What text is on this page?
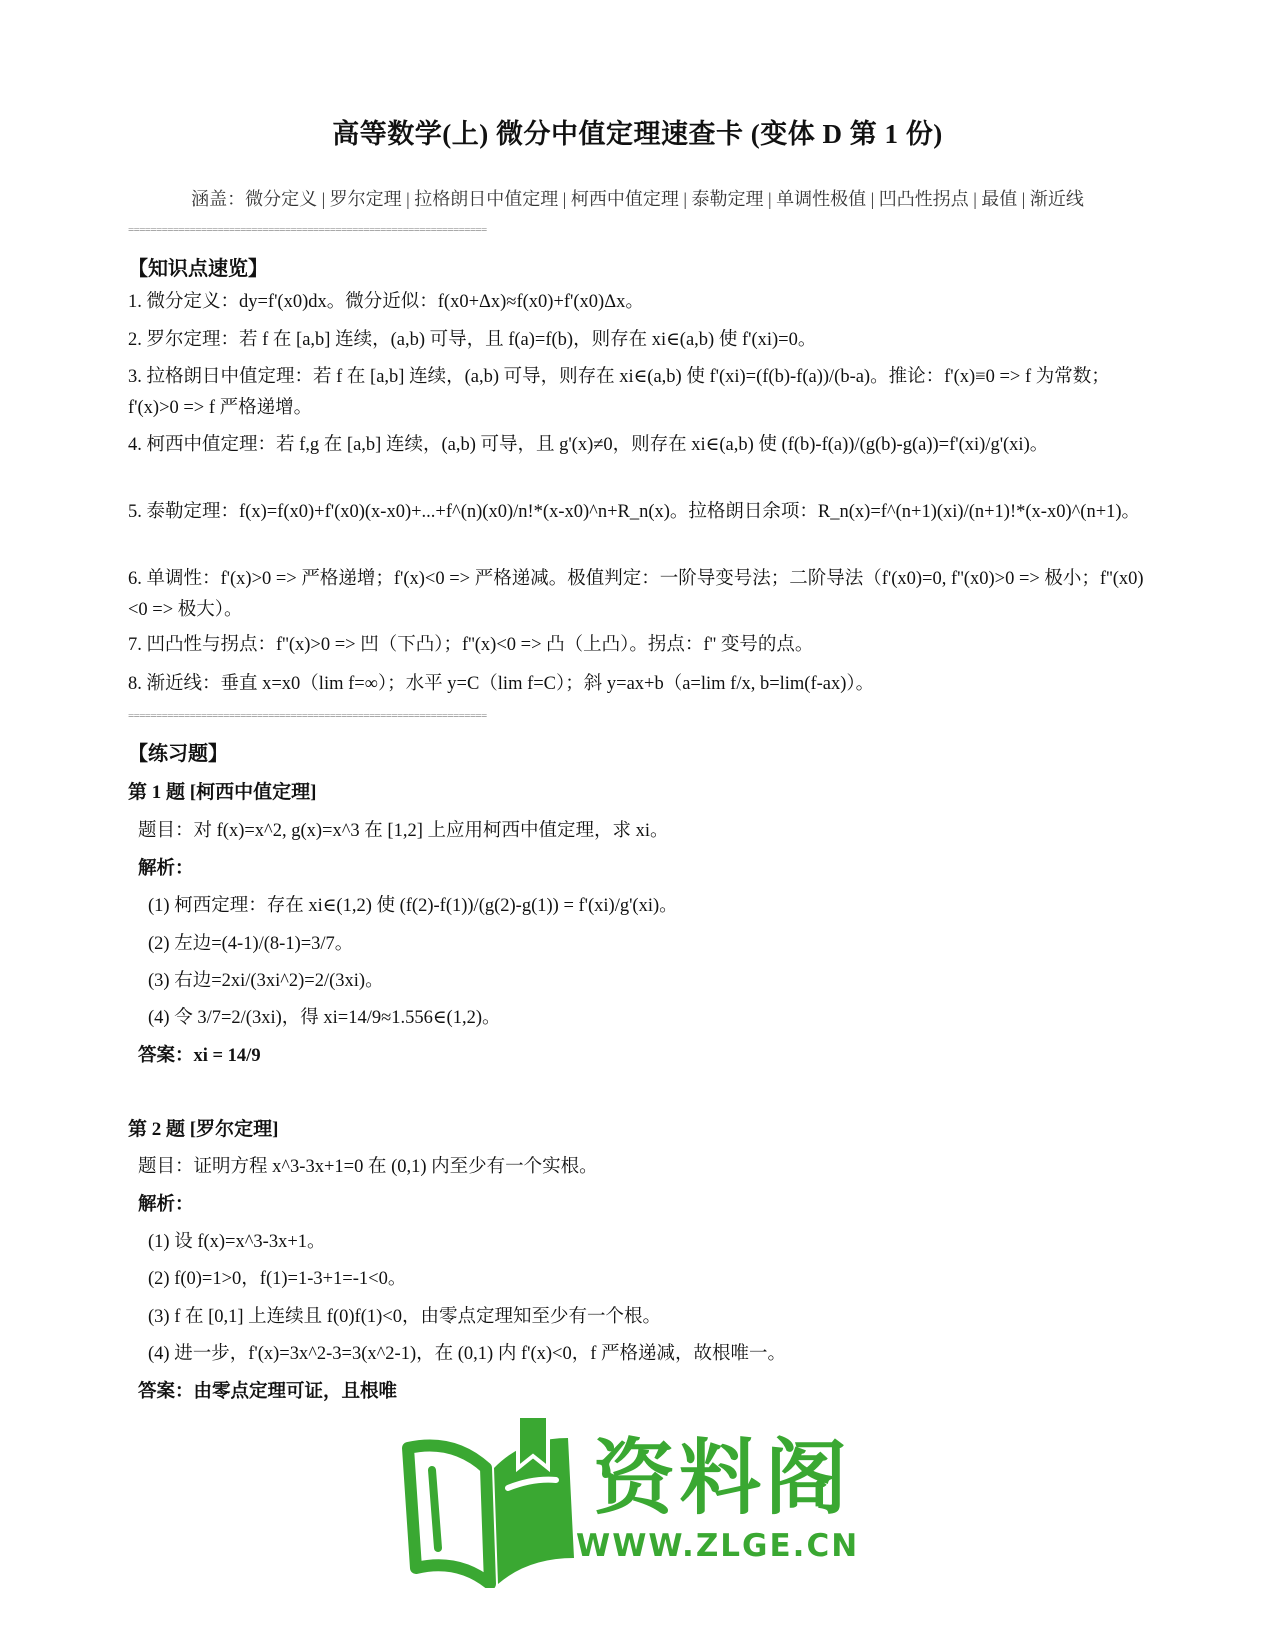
高等数学(上) 微分中值定理速查卡 (变体 D 第 1 份)
涵盖：微分定义 | 罗尔定理 | 拉格朗日中值定理 | 柯西中值定理 | 泰勒定理 | 单调性极值 | 凹凸性拐点 | 最值 | 渐近线
================================================================
【知识点速览】
1. 微分定义：dy=f'(x0)dx。微分近似：f(x0+Δx)≈f(x0)+f'(x0)Δx。
2. 罗尔定理：若 f 在 [a,b] 连续，(a,b) 可导，且 f(a)=f(b)，则存在 xi∈(a,b) 使 f'(xi)=0。
3. 拉格朗日中值定理：若 f 在 [a,b] 连续，(a,b) 可导，则存在 xi∈(a,b) 使 f'(xi)=(f(b)-f(a))/(b-a)。推论：f'(x)≡0 => f 为常数；f'(x)>0 => f 严格递增。
4. 柯西中值定理：若 f,g 在 [a,b] 连续，(a,b) 可导，且 g'(x)≠0，则存在 xi∈(a,b) 使 (f(b)-f(a))/(g(b)-g(a))=f'(xi)/g'(xi)。
5. 泰勒定理：f(x)=f(x0)+f'(x0)(x-x0)+...+f^(n)(x0)/n!*(x-x0)^n+R_n(x)。拉格朗日余项：R_n(x)=f^(n+1)(xi)/(n+1)!*(x-x0)^(n+1)。
6. 单调性：f'(x)>0 => 严格递增；f'(x)<0 => 严格递减。极值判定：一阶导变号法；二阶导法（f'(x0)=0, f''(x0)>0 => 极小；f''(x0)<0 => 极大）。
7. 凹凸性与拐点：f''(x)>0 => 凹（下凸）；f''(x)<0 => 凸（上凸）。拐点：f'' 变号的点。
8. 渐近线：垂直 x=x0（lim f=∞）；水平 y=C（lim f=C）；斜 y=ax+b（a=lim f/x, b=lim(f-ax)）。
================================================================
【练习题】
第 1 题 [柯西中值定理]
题目：对 f(x)=x^2, g(x)=x^3 在 [1,2] 上应用柯西中值定理，求 xi。
解析：
(1) 柯西定理：存在 xi∈(1,2) 使 (f(2)-f(1))/(g(2)-g(1)) = f'(xi)/g'(xi)。
(2) 左边=(4-1)/(8-1)=3/7。
(3) 右边=2xi/(3xi^2)=2/(3xi)。
(4) 令 3/7=2/(3xi)，得 xi=14/9≈1.556∈(1,2)。
答案：xi = 14/9
第 2 题 [罗尔定理]
题目：证明方程 x^3-3x+1=0 在 (0,1) 内至少有一个实根。
解析：
(1) 设 f(x)=x^3-3x+1。
(2) f(0)=1>0，f(1)=1-3+1=-1<0。
(3) f 在 [0,1] 上连续且 f(0)f(1)<0，由零点定理知至少有一个根。
(4) 进一步，f'(x)=3x^2-3=3(x^2-1)，在 (0,1) 内 f'(x)<0，f 严格递减，故根唯一。
答案：由零点定理可证，且根唯
资料阁
WWW.ZLGE.CN
